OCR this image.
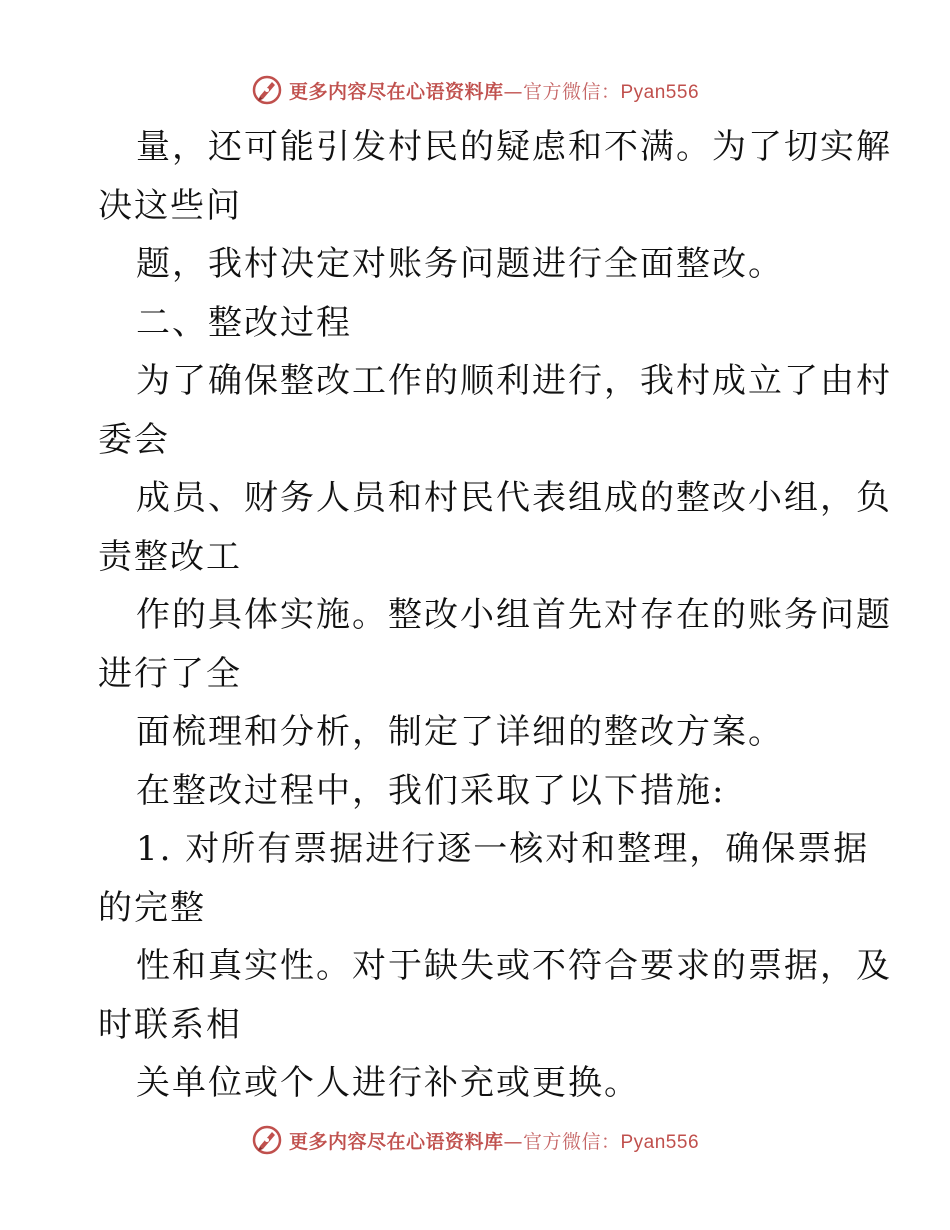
更多内容尽在心语资料库—官方微信：Pyan556
量，还可能引发村民的疑虑和不满。为了切实解
决这些问
题，我村决定对账务问题进行全面整改。
二、整改过程
为了确保整改工作的顺利进行，我村成立了由村
委会
成员、财务人员和村民代表组成的整改小组，负
责整改工
作的具体实施。整改小组首先对存在的账务问题
进行了全
面梳理和分析，制定了详细的整改方案。
在整改过程中，我们采取了以下措施:
1. 对所有票据进行逐一核对和整理，确保票据
的完整
性和真实性。对于缺失或不符合要求的票据，及
时联系相
关单位或个人进行补充或更换。
更多内容尽在心语资料库—官方微信：Pyan556
